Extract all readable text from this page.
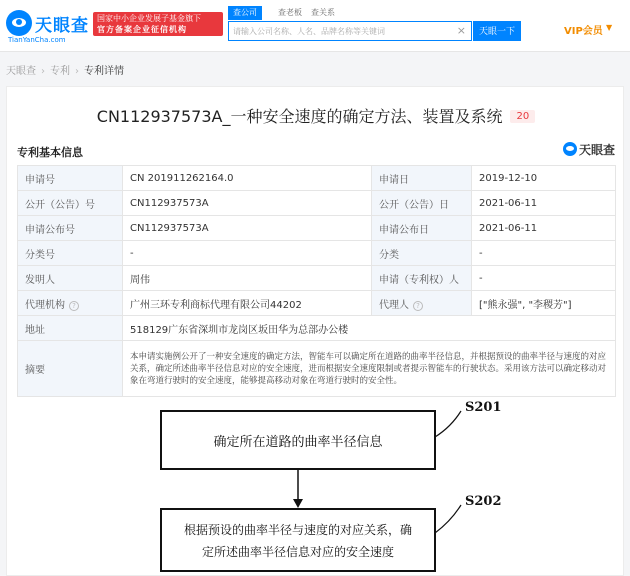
天眼查
TianYanCha.com
国家中小企业发展子基金旗下
官方备案企业征信机构
查公司	查老板	查关系
请输入公司名称、人名、品牌名称等关键词
×	天眼一下	VIP会员 ▼
天眼查 › 专利 › 专利详情
CN112937573A_一种安全速度的确定方法、装置及系统 20
专利基本信息	天眼查
申请号	CN 201911262164.0	申请日	2019-12-10
公开（公告）号	CN112937573A	公开（公告）日	2021-06-11
申请公布号	CN112937573A	申请公布日	2021-06-11
分类号	-	分类	-
发明人	周伟	申请（专利权）人	-
代理机构 ?	广州三环专利商标代理有限公司44202	代理人 ?	["熊永强", "李稷芳"]
地址	518129广东省深圳市龙岗区坂田华为总部办公楼		
摘要	本申请实施例公开了一种安全速度的确定方法，智能车可以确定所在道路的曲率半径信息，并根据预设的曲率半径与速度的对应关系，确定所述曲率半径信息对应的安全速度，进而根据安全速度限制或者提示智能车的行驶状态。采用该方法可以确定移动对象在弯道行驶时的安全速度，能够提高移动对象在弯道行驶时的安全性。		
确定所在道路的曲率半径信息
S201
根据预设的曲率半径与速度的对应关系，确
定所述曲率半径信息对应的安全速度
S202
